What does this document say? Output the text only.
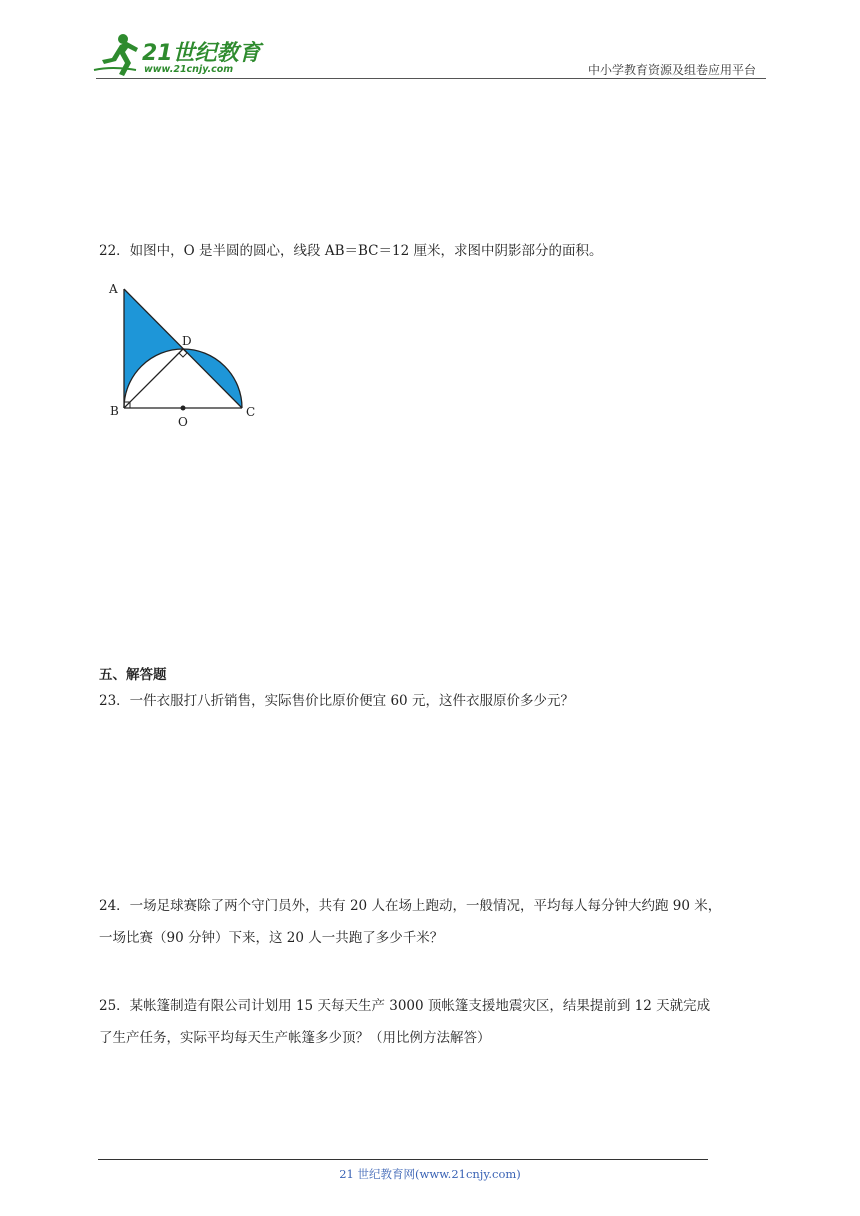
21世纪教育
www.21cnjy.com	中小学教育资源及组卷应用平台
22．如图中，O 是半圆的圆心，线段 AB＝BC＝12 厘米，求图中阴影部分的面积。
A
B	C
D
O
五、解答题
23．一件衣服打八折销售，实际售价比原价便宜 60 元，这件衣服原价多少元？
24．一场足球赛除了两个守门员外，共有 20 人在场上跑动，一般情况，平均每人每分钟大约跑 90 米，
一场比赛（90 分钟）下来，这 20 人一共跑了多少千米？
25．某帐篷制造有限公司计划用 15 天每天生产 3000 顶帐篷支援地震灾区，结果提前到 12 天就完成
了生产任务，实际平均每天生产帐篷多少顶？（用比例方法解答）
21 世纪教育网(www.21cnjy.com)
